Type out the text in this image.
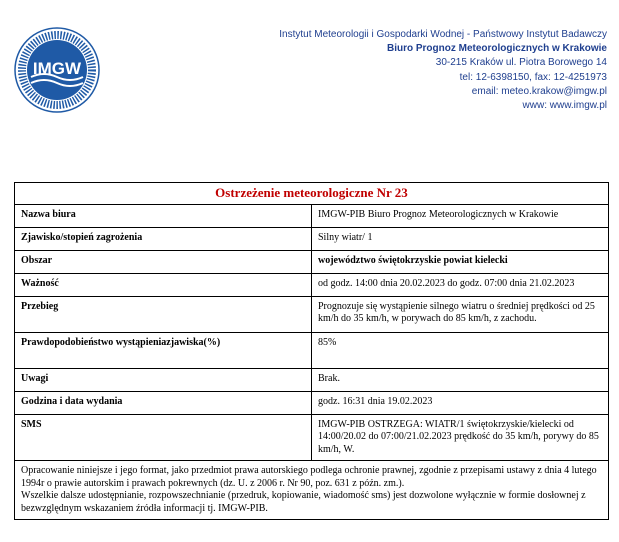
IMGW
Instytut Meteorologii i Gospodarki Wodnej - Państwowy Instytut Badawczy
Biuro Prognoz Meteorologicznych w Krakowie
30-215 Kraków ul. Piotra Borowego 14
tel: 12-6398150, fax: 12-4251973
email: meteo.krakow@imgw.pl
www: www.imgw.pl
Ostrzeżenie meteorologiczne Nr 23	
Nazwa biura	IMGW-PIB Biuro Prognoz Meteorologicznych w Krakowie
Zjawisko/stopień zagrożenia	Silny wiatr/ 1
Obszar	województwo świętokrzyskie powiat kielecki
Ważność	od godz. 14:00 dnia 20.02.2023 do godz. 07:00 dnia 21.02.2023
Przebieg	Prognozuje się wystąpienie silnego wiatru o średniej prędkości od 25 km/h do 35 km/h, w porywach do 85 km/h, z zachodu.
Prawdopodobieństwo wystąpieniazjawiska(%)	85%
Uwagi	Brak.
Godzina i data wydania	godz. 16:31 dnia 19.02.2023
SMS	IMGW-PIB OSTRZEGA: WIATR/1 świętokrzyskie/kielecki od 14:00/20.02 do 07:00/21.02.2023 prędkość do 35 km/h, porywy do 85 km/h, W.

Opracowanie niniejsze i jego format, jako przedmiot prawa autorskiego podlega ochronie prawnej, zgodnie z przepisami ustawy z dnia 4 lutego 1994r o prawie autorskim i prawach pokrewnych (dz. U. z 2006 r. Nr 90, poz. 631 z późn. zm.).
Wszelkie dalsze udostępnianie, rozpowszechnianie (przedruk, kopiowanie, wiadomość sms) jest dozwolone wyłącznie w formie dosłownej z bezwzględnym wskazaniem źródła informacji tj. IMGW-PIB.	
